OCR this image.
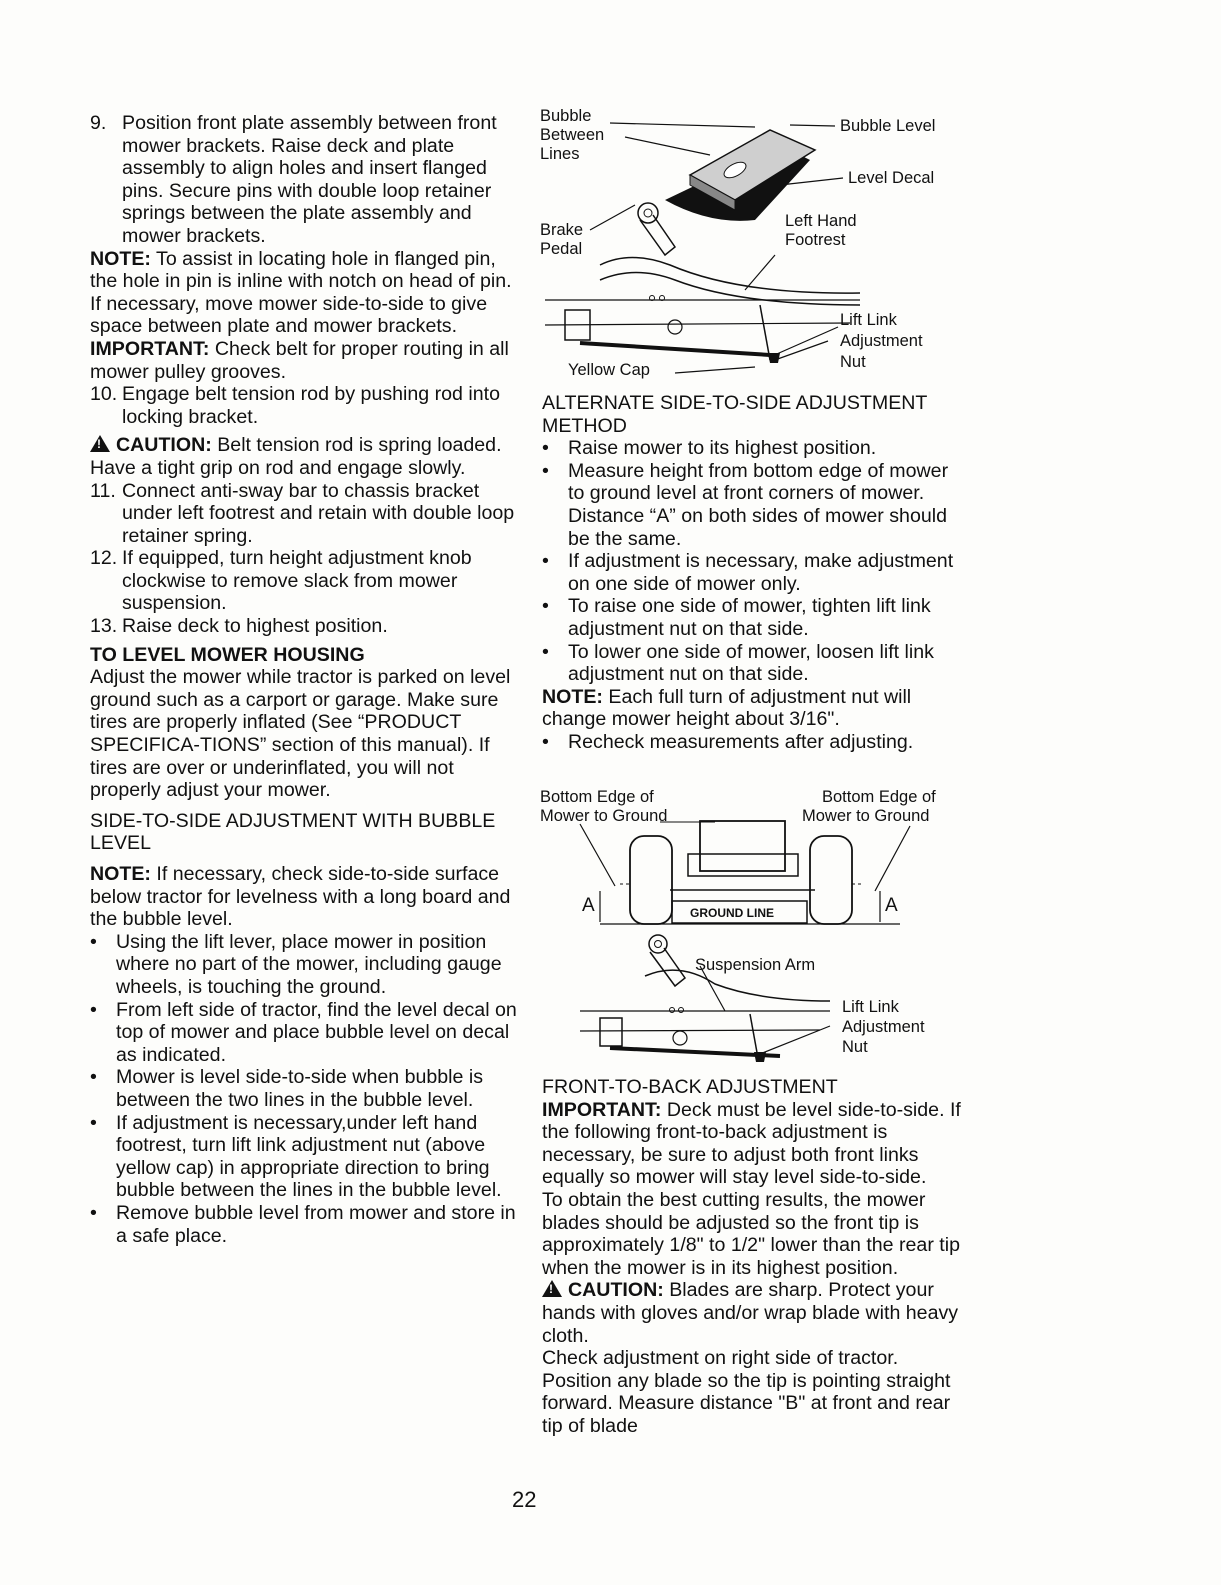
9. Position front plate assembly between front mower brackets. Raise deck and plate assembly to align holes and insert flanged pins. Secure pins with double loop retainer springs between the plate assembly and mower brackets.

NOTE: To assist in locating hole in flanged pin, the hole in pin is inline with notch on head of pin. If necessary, move mower side-to-side to give space between plate and mower brackets.

IMPORTANT: Check belt for proper routing in all mower pulley grooves.

10. Engage belt tension rod by pushing rod into locking bracket.

!CAUTION: Belt tension rod is spring loaded. Have a tight grip on rod and engage slowly.

11. Connect anti-sway bar to chassis bracket under left footrest and retain with double loop retainer spring.
12. If equipped, turn height adjustment knob clockwise to remove slack from mower suspension.
13. Raise deck to highest position.

TO LEVEL MOWER HOUSING

Adjust the mower while tractor is parked on level ground such as a carport or garage. Make sure tires are properly inflated (See “PRODUCT SPECIFICA-TIONS” section of this manual). If tires are over or underinflated, you will not properly adjust your mower.

SIDE-TO-SIDE ADJUSTMENT WITH BUBBLE LEVEL

NOTE: If necessary, check side-to-side surface below tractor for levelness with a long board and the bubble level.

• Using the lift lever, place mower in position where no part of the mower, including gauge wheels, is touching the ground.
• From left side of tractor, find the level decal on top of mower and place bubble level on decal as indicated.
• Mower is level side-to-side when bubble is between the two lines in the bubble level.
• If adjustment is necessary,under left hand footrest, turn lift link adjustment nut (above yellow cap) in appropriate direction to bring bubble between the lines in the bubble level.
• Remove bubble level from mower and store in a safe place.
Bubble
Between
Lines
Bubble Level
Level Decal
Brake
Pedal
Left Hand
Footrest
Lift Link
Adjustment
Nut
Yellow Cap

ALTERNATE SIDE-TO-SIDE ADJUSTMENT METHOD

• Raise mower to its highest position.
• Measure height from bottom edge of mower to ground level at front corners of mower. Distance “A” on both sides of mower should be the same.
• If adjustment is necessary, make adjustment on one side of mower only.
• To raise one side of mower, tighten lift link adjustment nut on that side.
• To lower one side of mower, loosen lift link adjustment nut on that side.

NOTE: Each full turn of adjustment nut will change mower height about 3/16".

• Recheck measurements after adjusting.
Bottom Edge of
Mower to Ground
Bottom Edge of
Mower to Ground
GROUND LINE
A	A
Suspension Arm
Lift Link
Adjustment
Nut

FRONT-TO-BACK ADJUSTMENT

IMPORTANT: Deck must be level side-to-side. If the following front-to-back adjustment is necessary, be sure to adjust both front links equally so mower will stay level side-to-side.

To obtain the best cutting results, the mower blades should be adjusted so the front tip is approximately 1/8" to 1/2" lower than the rear tip when the mower is in its highest position.

!CAUTION: Blades are sharp. Protect your hands with gloves and/or wrap blade with heavy cloth.

Check adjustment on right side of tractor. Position any blade so the tip is pointing straight forward. Measure distance "B" at front and rear tip of blade

22
